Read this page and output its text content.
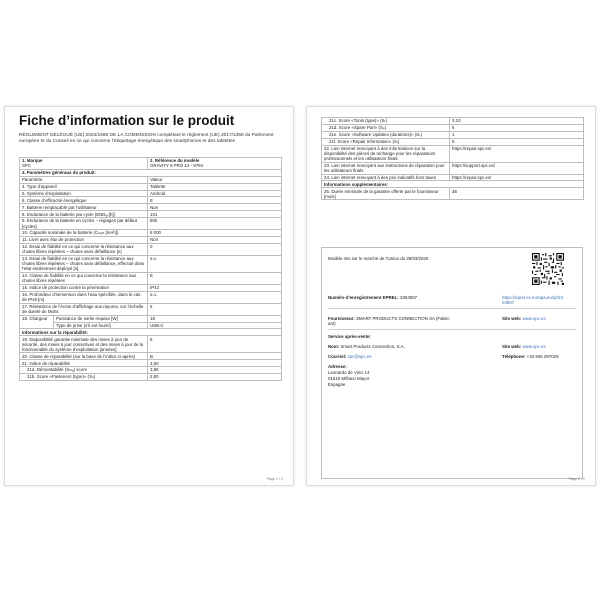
Fiche d’information sur le produit
RÈGLEMENT DÉLÉGUÉ (UE) 2023/1669 DE LA COMMISSION complétant le règlement (UE) 2017/1369 du Parlement européen et du Conseil en ce qui concerne l’étiquetage énergétique des smartphones et des tablettes
1. Marque
SPC		2. Référence du modèle
GRAVITY 6 PRO 12 - 9794
3. Paramètres généraux du produit:		
Paramètre		Valeur
4. Type d’appareil		Tablette
5. Système d’exploitation		Android
6. Classe d’efficacité énergétique		E
7. Batterie remplaçable par l’utilisateur		Non
8. Endurance de la batterie par cycle (ENDₐₛ[h])		101
9. Endurance de la batterie en cycles – réglages par défaut [cycles]		800
10. Capacité nominale de la batterie (Cₙₒₘ [mAh])		8 000
11. Livré avec étui de protection		Non
12. Essai de fiabilité en ce qui concerne la résistance aux chutes libres répétées – chutes sans défaillance [n]		0
13. Essai de fiabilité en ce qui concerne la résistance aux chutes libres répétées – chutes sans défaillance, effectué dans l’état entièrement déployé [n]		s.o.
14. Classe de fiabilité en ce qui concerne la résistance aux chutes libres répétées		E
15. Indice de protection contre la pénétration		IP42
16. Profondeur d’immersion dans l’eau spécifiée, dans le cas de IPx8 [m]		s.o.
17. Résistance de l’écran d’affichage aux rayures, sur l’échelle de dureté de Mohs		5
18. Chargeur	Puissance de sortie requise [W]	18
	Type de prise (s’il est fourni)	USB-C
Informations sur la réparabilité:		
19. Disponibilité garantie minimale des mises à jour de sécurité, des mises à jour correctives et des mises à jour de la fonctionnalité du système d’exploitation [années]		5
20. Classe de réparabilité (sur la base de l’indice ci-après)		B
21. Indice de réparabilité		3,50
21a. Démontabilité (Sₘₐ) score		3,85
21b. Score «Fasteners (type)» (Sₙ)		2,80
Page 1 / 2
21c. Score «Tools (type)» (Sₜ)	3,10
21d. Score «Spare Part» (Sₚ)	5
21e. Score «Software Updates (durations)» (Sₛ)	1
21f. Score «Repair Information» (Sᵣ)	5
22. Lien internet renvoyant à des informations sur la disponibilité des pièces de rechange pour les réparateurs professionnels et les utilisateurs finals	https://repair.spc.es/
23. Lien internet renvoyant aux instructions de réparation pour les utilisateurs finals	https://support.spc.es/
24. Lien internet renvoyant à des prix indicatifs hors taxes	https://repair.spc.es/
Informations supplémentaires:	
25. Durée minimale de la garantie offerte par le fournisseur [mois]	36
Modèle mis sur le marché de l’Union du 28/03/2025
Numéro d’enregistrement EPREL: 2304907	https://eprel.ec.europa.eu/qr/23
04907
Fournisseur: SMART PRODUCTS CONNECTION SA (Fabric
ant)
Site web: www.spc.es
Service après-vente:
Nom: Smart Products Connection, S.A.	Site web: www.spc.es
Courriel: spc@spc.es	Téléphone: +34 945 297029
Adresse:
Leonardo de Vinci 14
01510 Miñano Mayor
Espagne
Page 2 / 2
